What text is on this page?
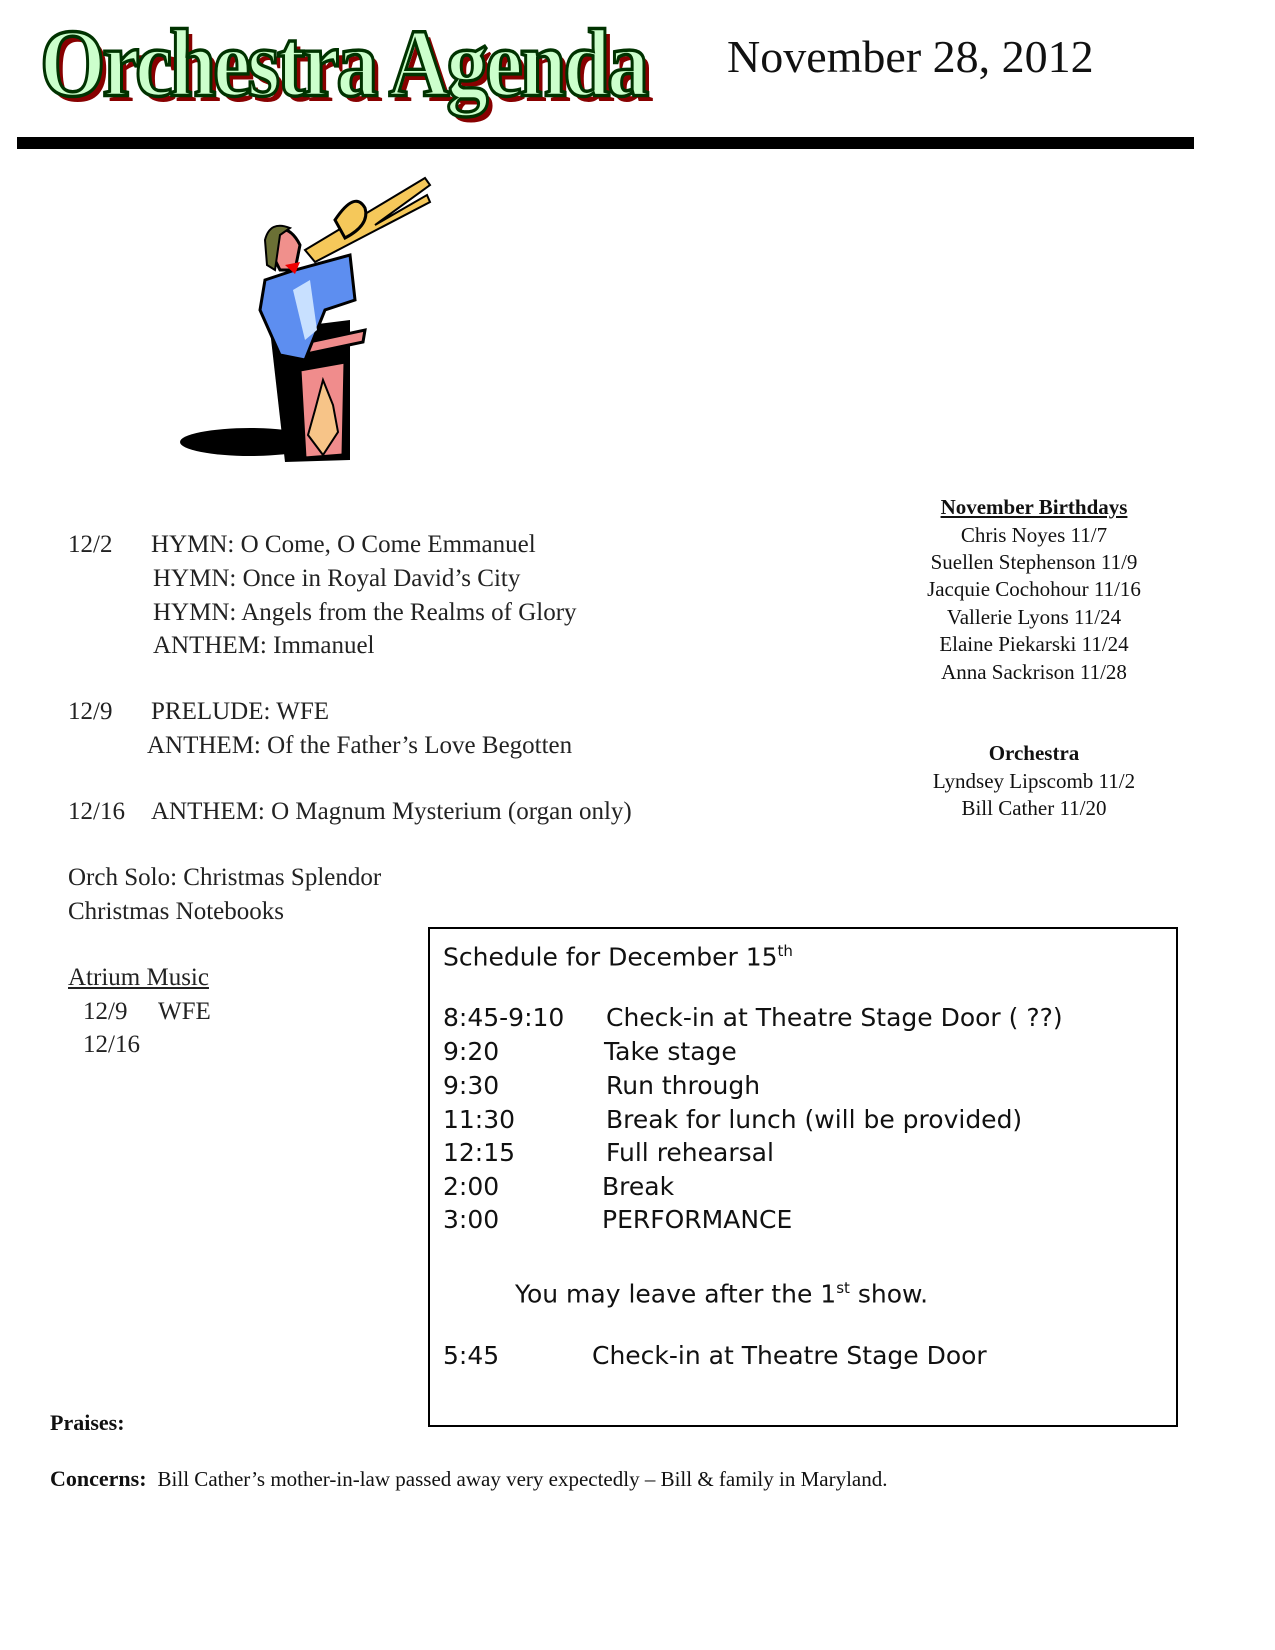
Orchestra Agenda November 28, 2012
12/2 HYMN: O Come, O Come Emmanuel
HYMN: Once in Royal David’s City
HYMN: Angels from the Realms of Glory
ANTHEM: Immanuel
12/9 PRELUDE: WFE
ANTHEM: Of the Father’s Love Begotten
12/16 ANTHEM: O Magnum Mysterium (organ only)
Orch Solo: Christmas Splendor
Christmas Notebooks
Atrium Music
12/9 WFE
12/16
November Birthdays
Chris Noyes 11/7
Suellen Stephenson 11/9
Jacquie Cochohour 11/16
Vallerie Lyons 11/24
Elaine Piekarski 11/24
Anna Sackrison 11/28
Orchestra
Lyndsey Lipscomb 11/2
Bill Cather 11/20
Schedule for December 15th
8:45-9:10 Check-in at Theatre Stage Door ( ??)
9:20	Take stage
9:30	Run through
11:30	Break for lunch (will be provided)
12:15	Full rehearsal
2:00	Break
3:00	PERFORMANCE
You may leave after the 1st show.
5:45	Check-in at Theatre Stage Door
Praises:
Concerns: Bill Cather’s mother-in-law passed away very expectedly – Bill & family in Maryland.
